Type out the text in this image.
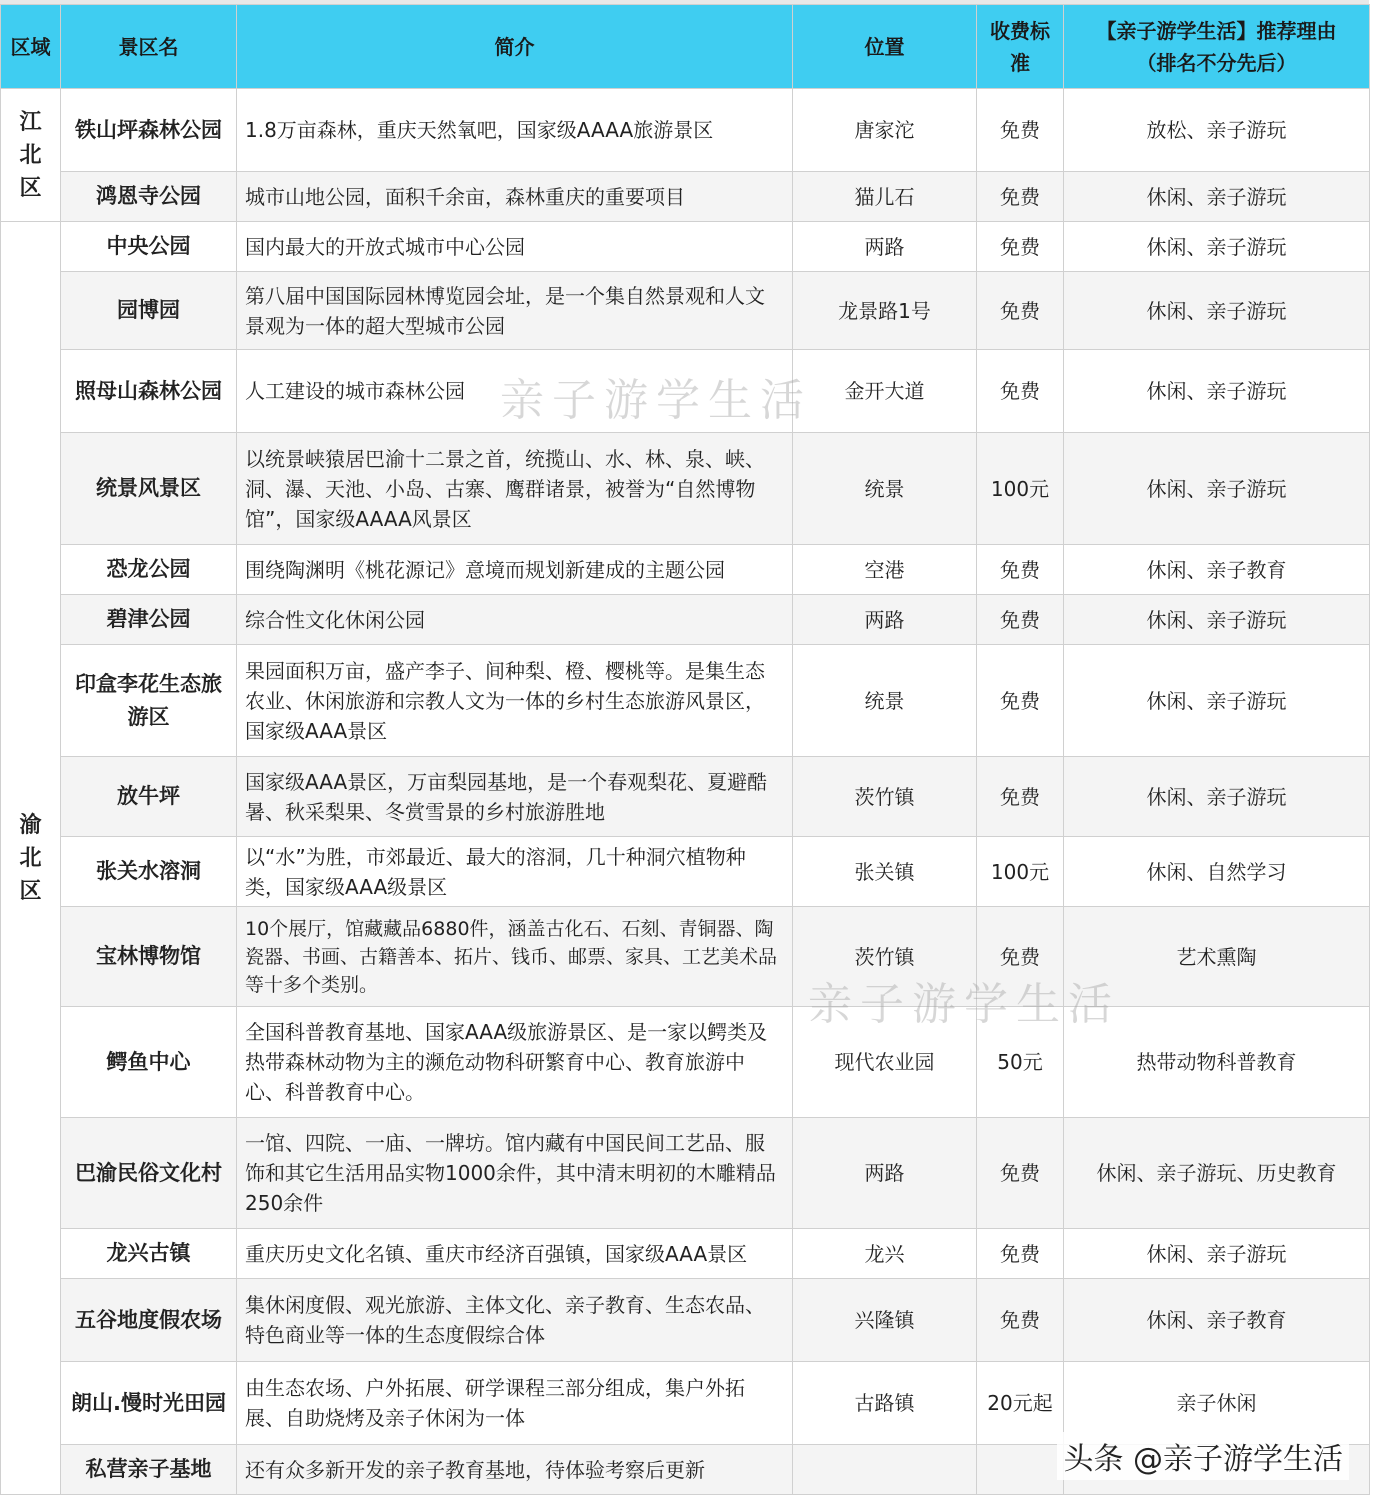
区域	景区名	简介	位置	收费标准	【亲子游学生活】推荐理由
（排名不分先后）

江北区	铁山坪森林公园	1.8万亩森林，重庆天然氧吧，国家级AAAA旅游景区	唐家沱	免费	放松、亲子游玩
	鸿恩寺公园	城市山地公园，面积千余亩，森林重庆的重要项目	猫儿石	免费	休闲、亲子游玩

渝北区	中央公园	国内最大的开放式城市中心公园	两路	免费	休闲、亲子游玩
	园博园	第八届中国国际园林博览园会址，是一个集自然景观和人文景观为一体的超大型城市公园	龙景路1号	免费	休闲、亲子游玩
	照母山森林公园	人工建设的城市森林公园	金开大道	免费	休闲、亲子游玩
	统景风景区	以统景峡猿居巴渝十二景之首，统揽山、水、林、泉、峡、洞、瀑、天池、小岛、古寨、鹰群诸景，被誉为“自然博物馆”，国家级AAAA风景区	统景	100元	休闲、亲子游玩
	恐龙公园	围绕陶渊明《桃花源记》意境而规划新建成的主题公园	空港	免费	休闲、亲子教育
	碧津公园	综合性文化休闲公园	两路	免费	休闲、亲子游玩
	印盒李花生态旅游区	果园面积万亩，盛产李子、间种梨、橙、樱桃等。是集生态农业、休闲旅游和宗教人文为一体的乡村生态旅游风景区，国家级AAA景区	统景	免费	休闲、亲子游玩
	放牛坪	国家级AAA景区，万亩梨园基地，是一个春观梨花、夏避酷暑、秋采梨果、冬赏雪景的乡村旅游胜地	茨竹镇	免费	休闲、亲子游玩
	张关水溶洞	以“水”为胜，市郊最近、最大的溶洞，几十种洞穴植物种类，国家级AAA级景区	张关镇	100元	休闲、自然学习
	宝林博物馆	10个展厅，馆藏藏品6880件，涵盖古化石、石刻、青铜器、陶瓷器、书画、古籍善本、拓片、钱币、邮票、家具、工艺美术品等十多个类别。	茨竹镇	免费	艺术熏陶
	鳄鱼中心	全国科普教育基地、国家AAA级旅游景区、是一家以鳄类及热带森林动物为主的濒危动物科研繁育中心、教育旅游中心、科普教育中心。	现代农业园	50元	热带动物科普教育
	巴渝民俗文化村	一馆、四院、一庙、一牌坊。馆内藏有中国民间工艺品、服饰和其它生活用品实物1000余件，其中清末明初的木雕精品250余件	两路	免费	休闲、亲子游玩、历史教育
	龙兴古镇	重庆历史文化名镇、重庆市经济百强镇，国家级AAA景区	龙兴	免费	休闲、亲子游玩
	五谷地度假农场	集休闲度假、观光旅游、主体文化、亲子教育、生态农品、特色商业等一体的生态度假综合体	兴隆镇	免费	休闲、亲子教育
	朗山.慢时光田园	由生态农场、户外拓展、研学课程三部分组成，集户外拓展、自助烧烤及亲子休闲为一体	古路镇	20元起	亲子休闲
	私营亲子基地	还有众多新开发的亲子教育基地，待体验考察后更新			
亲子游学生活
亲子游学生活
头条 @亲子游学生活
